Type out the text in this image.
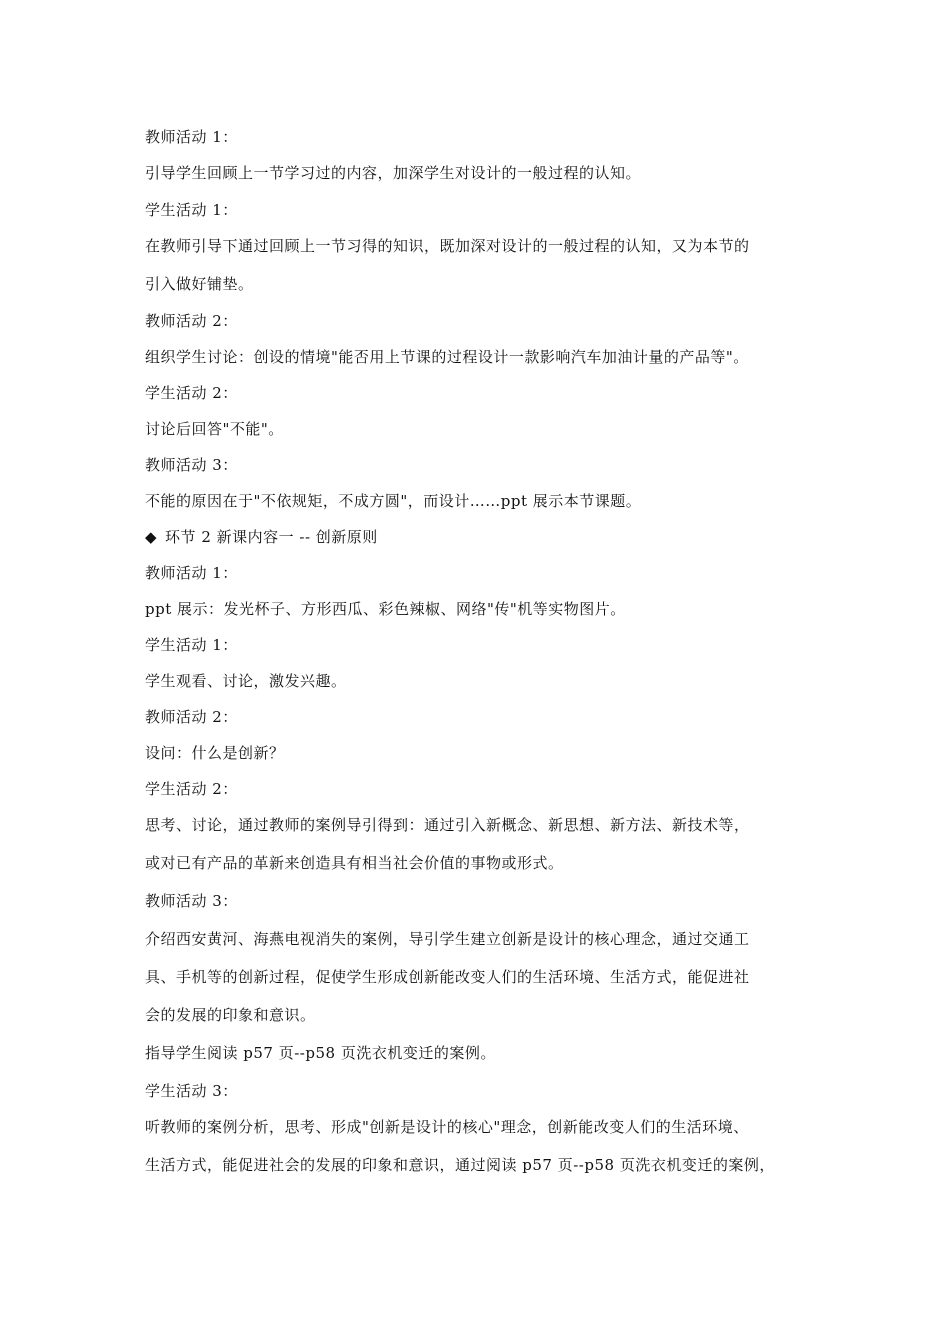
教师活动 1：
引导学生回顾上一节学习过的内容，加深学生对设计的一般过程的认知。
学生活动 1：
在教师引导下通过回顾上一节习得的知识，既加深对设计的一般过程的认知，又为本节的
引入做好铺垫。
教师活动 2：
组织学生讨论：创设的情境"能否用上节课的过程设计一款影响汽车加油计量的产品等"。
学生活动 2：
讨论后回答"不能"。
教师活动 3：
不能的原因在于"不依规矩，不成方圆"，而设计……ppt 展示本节课题。
◆ 环节 2 新课内容一 -- 创新原则
教师活动 1：
ppt 展示：发光杯子、方形西瓜、彩色辣椒、网络"传"机等实物图片。
学生活动 1：
学生观看、讨论，激发兴趣。
教师活动 2：
设问：什么是创新？
学生活动 2：
思考、讨论，通过教师的案例导引得到：通过引入新概念、新思想、新方法、新技术等，
或对已有产品的革新来创造具有相当社会价值的事物或形式。
教师活动 3：
介绍西安黄河、海燕电视消失的案例，导引学生建立创新是设计的核心理念，通过交通工
具、手机等的创新过程，促使学生形成创新能改变人们的生活环境、生活方式，能促进社
会的发展的印象和意识。
指导学生阅读 p57 页--p58 页洗衣机变迁的案例。
学生活动 3：
听教师的案例分析，思考、形成"创新是设计的核心"理念，创新能改变人们的生活环境、
生活方式，能促进社会的发展的印象和意识，通过阅读 p57 页--p58 页洗衣机变迁的案例，
